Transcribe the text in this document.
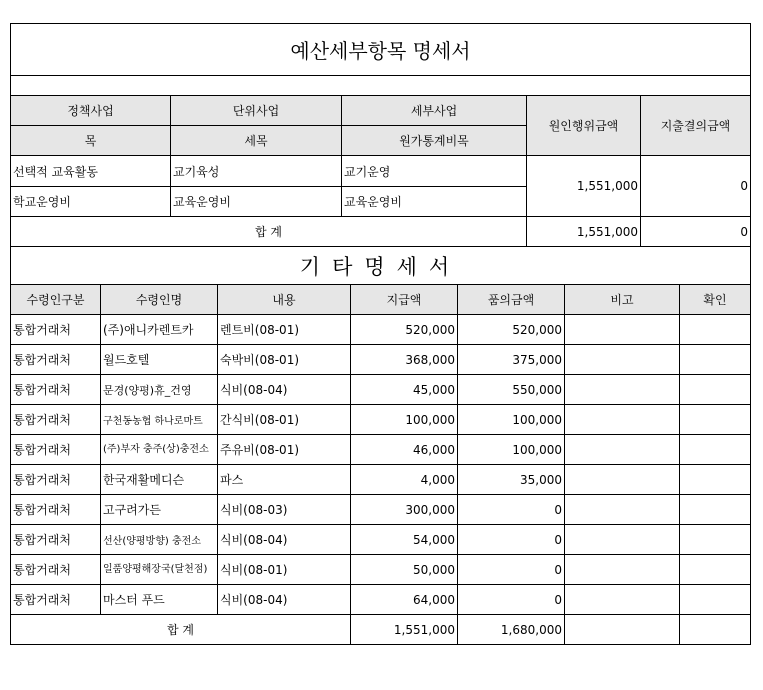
예산세부항목 명세서				

정책사업	단위사업	세부사업	원인행위금액	지출결의금액
목	세목	원가통계비목		
선택적 교육활동	교기육성	교기운영	1,551,000	0
학교운영비	교육운영비	교육운영비		
합 계			1,551,000	0
기타명세서				
수령인구분	수령인명	내용	지급액	품의금액	비고	확인
통합거래처	(주)애니카렌트카	렌트비(08-01)	520,000	520,000		
통합거래처	월드호텔	숙박비(08-01)	368,000	375,000		
통합거래처	문경(양평)휴_건영	식비(08-04)	45,000	550,000		
통합거래처	구천동농협 하나로마트	간식비(08-01)	100,000	100,000		
통합거래처	(주)부자 충주(상)충전소	주유비(08-01)	46,000	100,000		
통합거래처	한국재활메디슨	파스	4,000	35,000		
통합거래처	고구려가든	식비(08-03)	300,000	0		
통합거래처	선산(양평방향) 충전소	식비(08-04)	54,000	0		
통합거래처	일품양평해장국(달천점)	식비(08-01)	50,000	0		
통합거래처	마스터 푸드	식비(08-04)	64,000	0		
합 계			1,551,000	1,680,000		
